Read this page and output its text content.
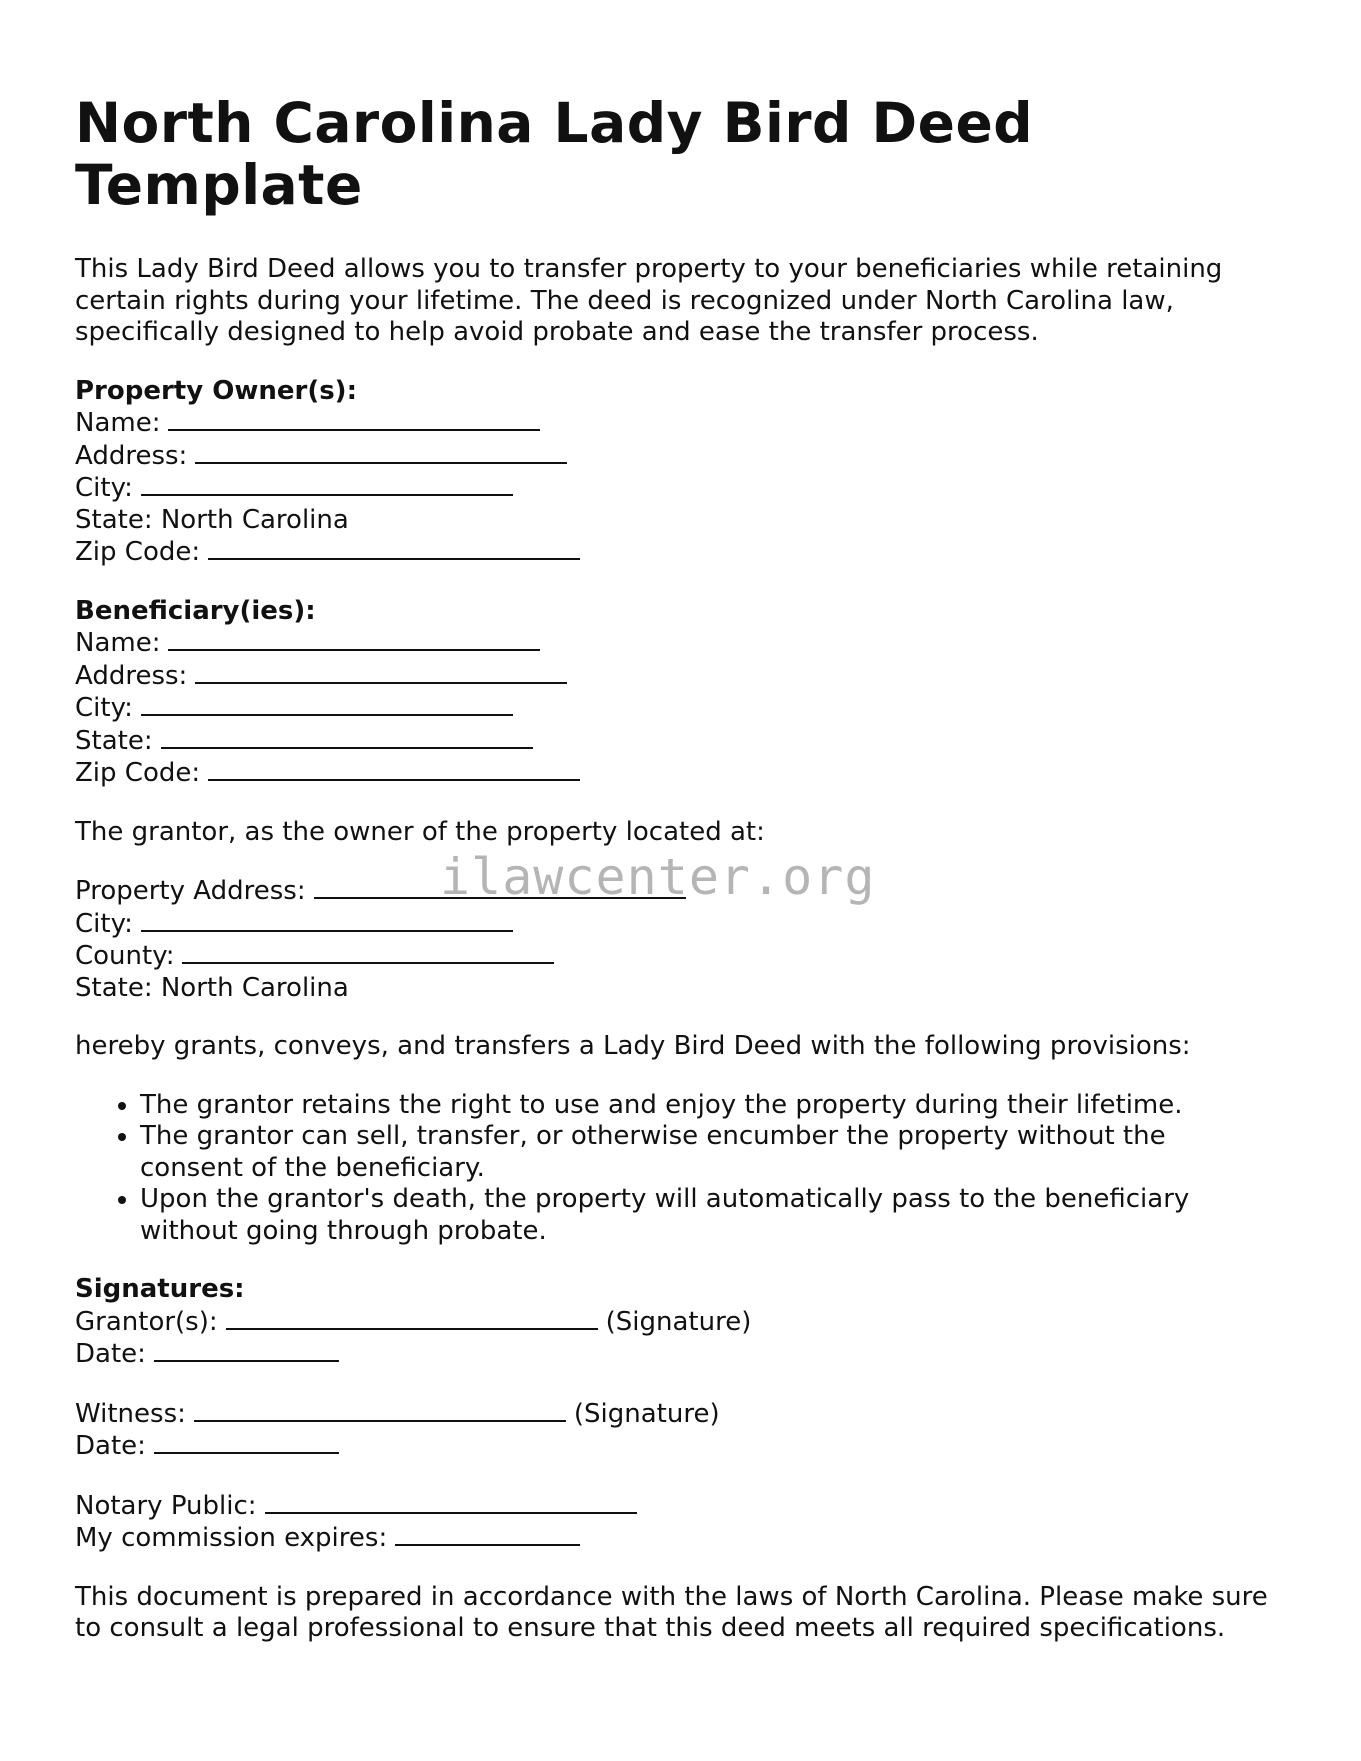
North Carolina Lady Bird Deed Template

This Lady Bird Deed allows you to transfer property to your beneficiaries while retaining certain rights during your lifetime. The deed is recognized under North Carolina law, specifically designed to help avoid probate and ease the transfer process.

Property Owner(s):
Name:
Address:
City:
State: North Carolina
Zip Code:
Beneficiary(ies):
Name:
Address:
City:
State:
Zip Code:

The grantor, as the owner of the property located at:

Property Address:
City:
County:
State: North Carolina

hereby grants, conveys, and transfers a Lady Bird Deed with the following provisions:

• The grantor retains the right to use and enjoy the property during their lifetime.
• The grantor can sell, transfer, or otherwise encumber the property without the consent of the beneficiary.
• Upon the grantor's death, the property will automatically pass to the beneficiary without going through probate.
Signatures:
Grantor(s):	(Signature)
Date:
Witness:	(Signature)
Date:
Notary Public:
My commission expires:

This document is prepared in accordance with the laws of North Carolina. Please make sure to consult a legal professional to ensure that this deed meets all required specifications.

ilawcenter.org
